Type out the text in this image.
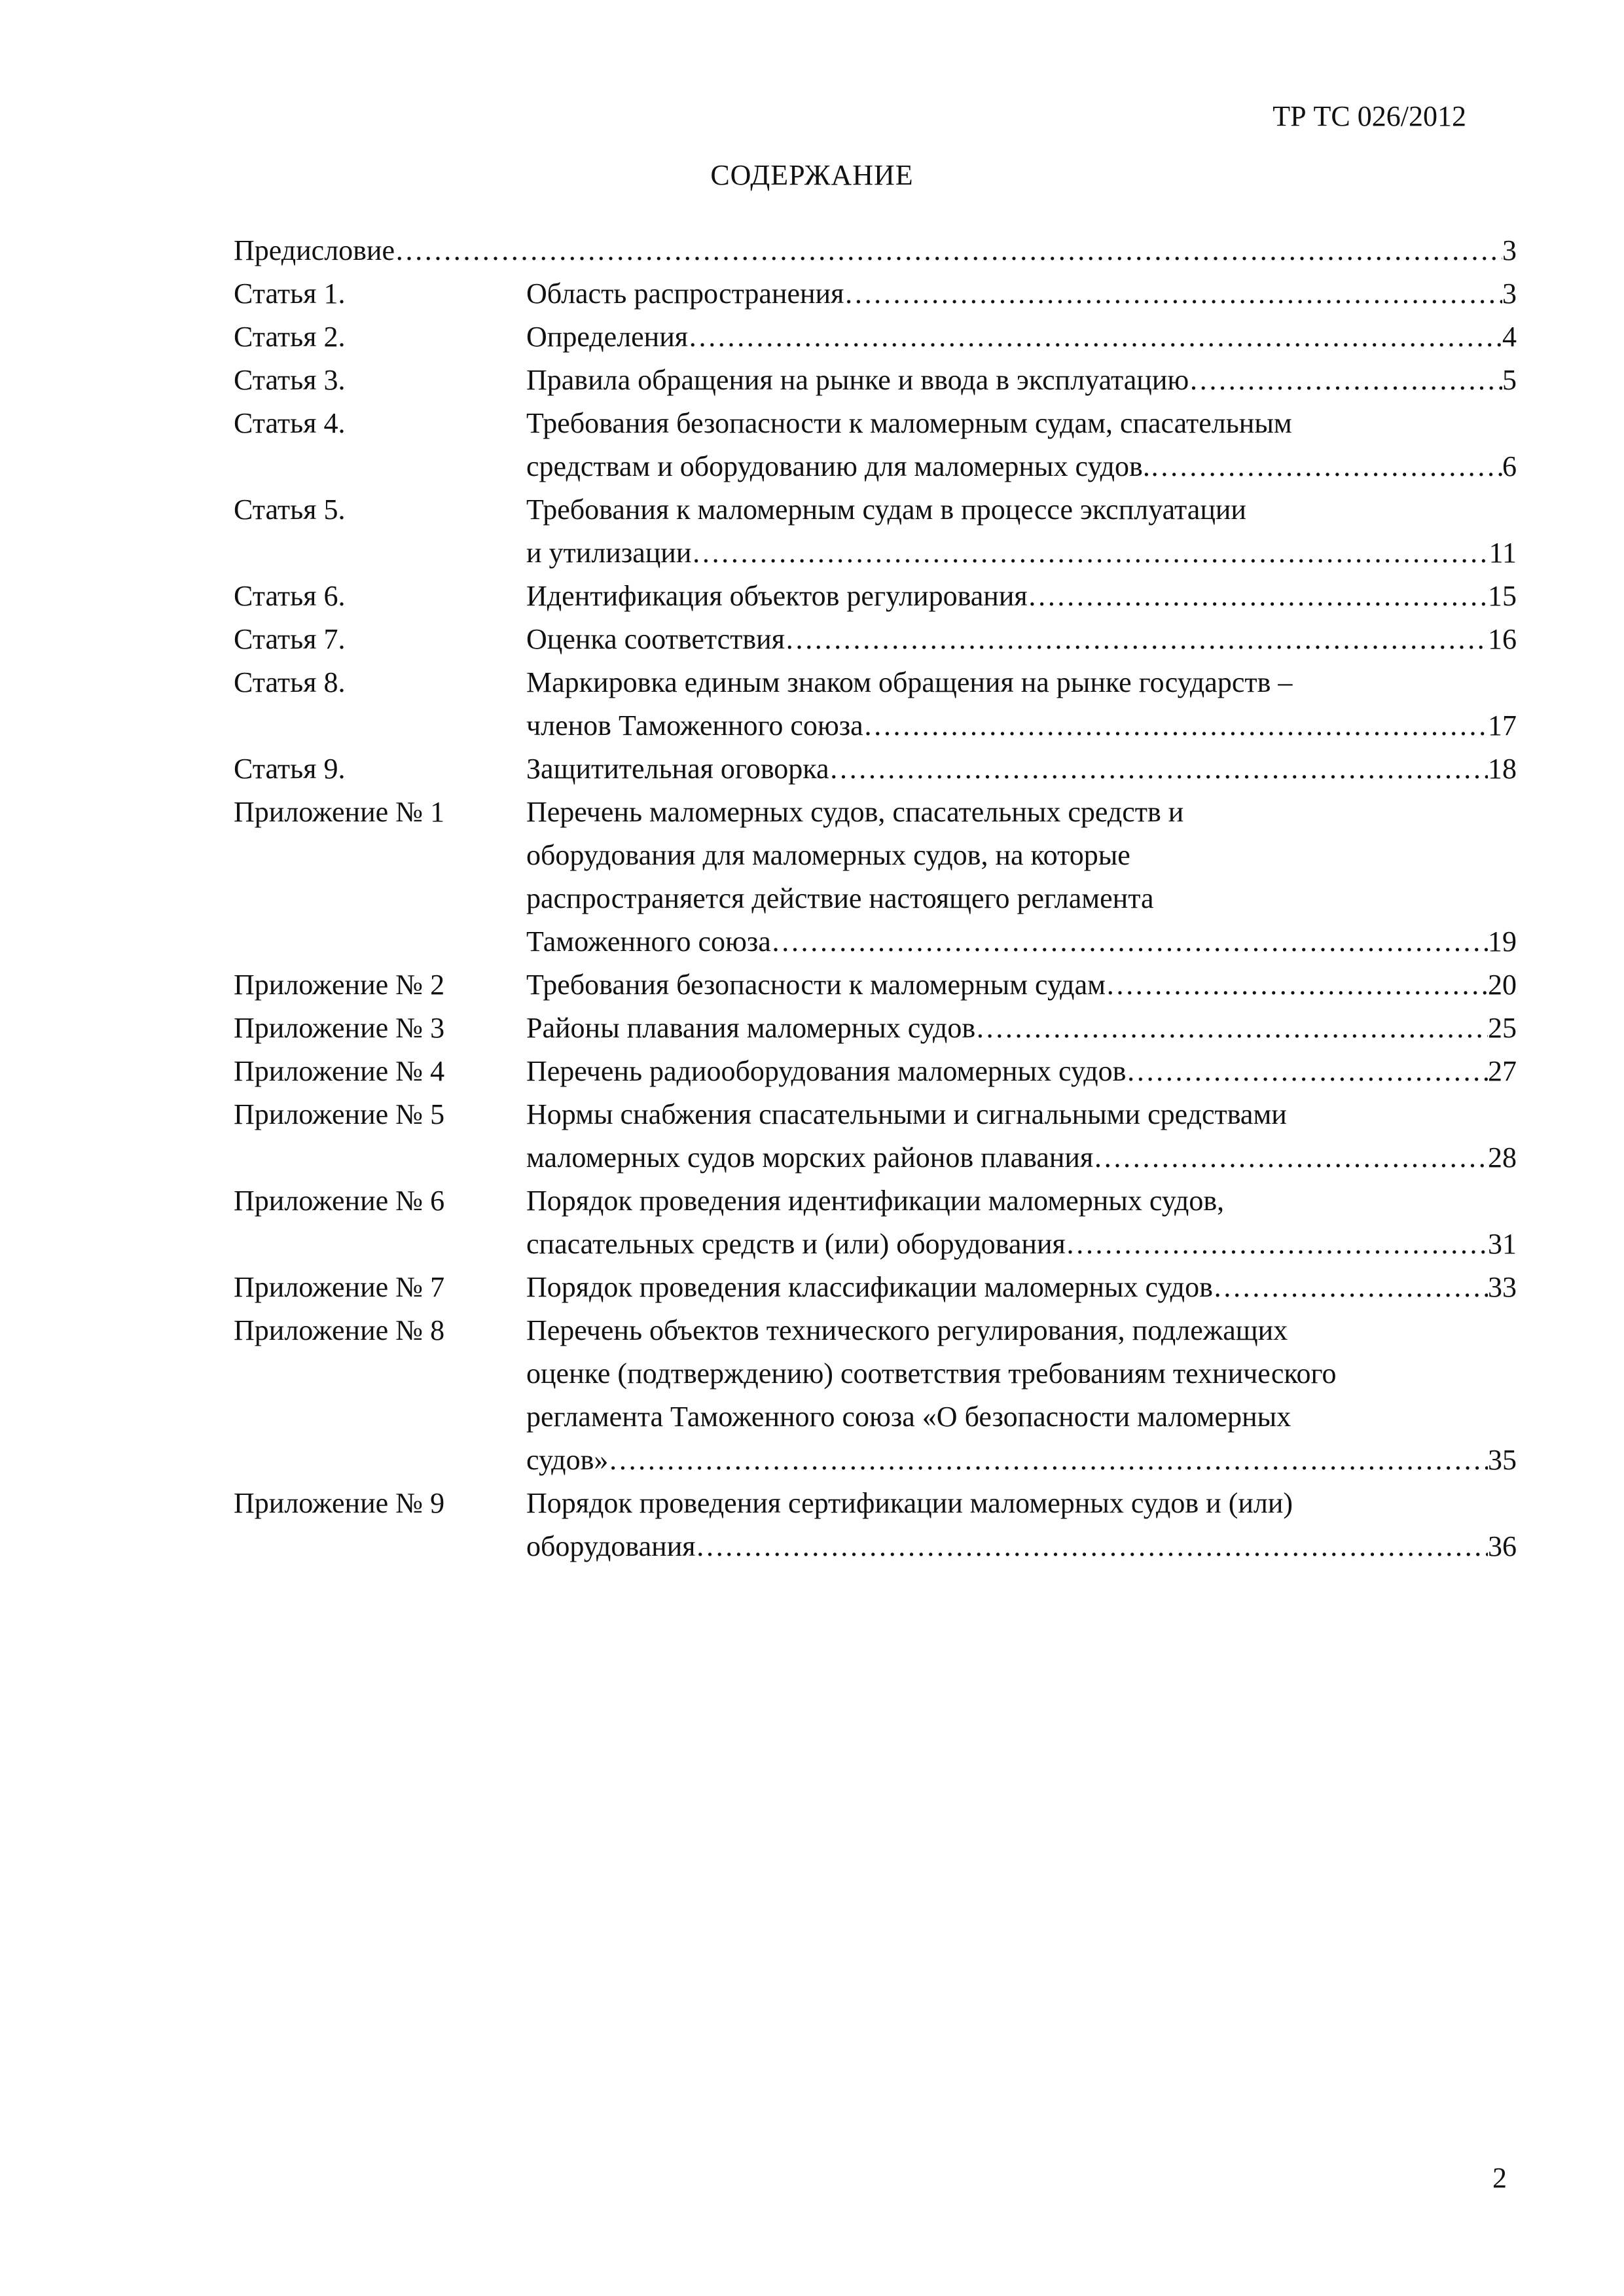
ТР ТС 026/2012
СОДЕРЖАНИЕ
Предисловие ………………………………………………………………………………………………………………………………………………………………………………………………	3
Статья 1.	Область распространения ………………………………………………………………………………………………………………………………………………………………………………………………	3
Статья 2.	Определения ………………………………………………………………………………………………………………………………………………………………………………………………	4
Статья 3.	Правила обращения на рынке и ввода в эксплуатацию ………………………………………………………………………………………………………………………………………………………………………………………………	5
Статья 4.	Требования безопасности к маломерным судам, спасательным
средствам и оборудованию для маломерных судов. ………………………………………………………………………………………………………………………………………………………………………………………………	6
Статья 5.	Требования к маломерным судам в процессе эксплуатации
и утилизации ………………………………………………………………………………………………………………………………………………………………………………………………	11
Статья 6.	Идентификация объектов регулирования ………………………………………………………………………………………………………………………………………………………………………………………………	15
Статья 7.	Оценка соответствия ………………………………………………………………………………………………………………………………………………………………………………………………	16
Статья 8.	Маркировка единым знаком обращения на рынке государств –
членов Таможенного союза ………………………………………………………………………………………………………………………………………………………………………………………………	17
Статья 9.	Защитительная оговорка ………………………………………………………………………………………………………………………………………………………………………………………………	18
Приложение № 1	Перечень маломерных судов, спасательных средств и
оборудования для маломерных судов, на которые
распространяется действие настоящего регламента
Таможенного союза ………………………………………………………………………………………………………………………………………………………………………………………………	19
Приложение № 2	Требования безопасности к маломерным судам ………………………………………………………………………………………………………………………………………………………………………………………………	20
Приложение № 3	Районы плавания маломерных судов ………………………………………………………………………………………………………………………………………………………………………………………………	25
Приложение № 4	Перечень радиооборудования маломерных судов ………………………………………………………………………………………………………………………………………………………………………………………………	27
Приложение № 5	Нормы снабжения спасательными и сигнальными средствами
маломерных судов морских районов плавания ………………………………………………………………………………………………………………………………………………………………………………………………	28
Приложение № 6	Порядок проведения идентификации маломерных судов,
спасательных средств и (или) оборудования ………………………………………………………………………………………………………………………………………………………………………………………………	31
Приложение № 7	Порядок проведения классификации маломерных судов ………………………………………………………………………………………………………………………………………………………………………………………………	33
Приложение № 8	Перечень объектов технического регулирования, подлежащих
оценке (подтверждению) соответствия требованиям технического
регламента Таможенного союза «О безопасности маломерных
судов» ………………………………………………………………………………………………………………………………………………………………………………………………	35
Приложение № 9	Порядок проведения сертификации маломерных судов и (или)
оборудования ………………………………………………………………………………………………………………………………………………………………………………………………	36
2
